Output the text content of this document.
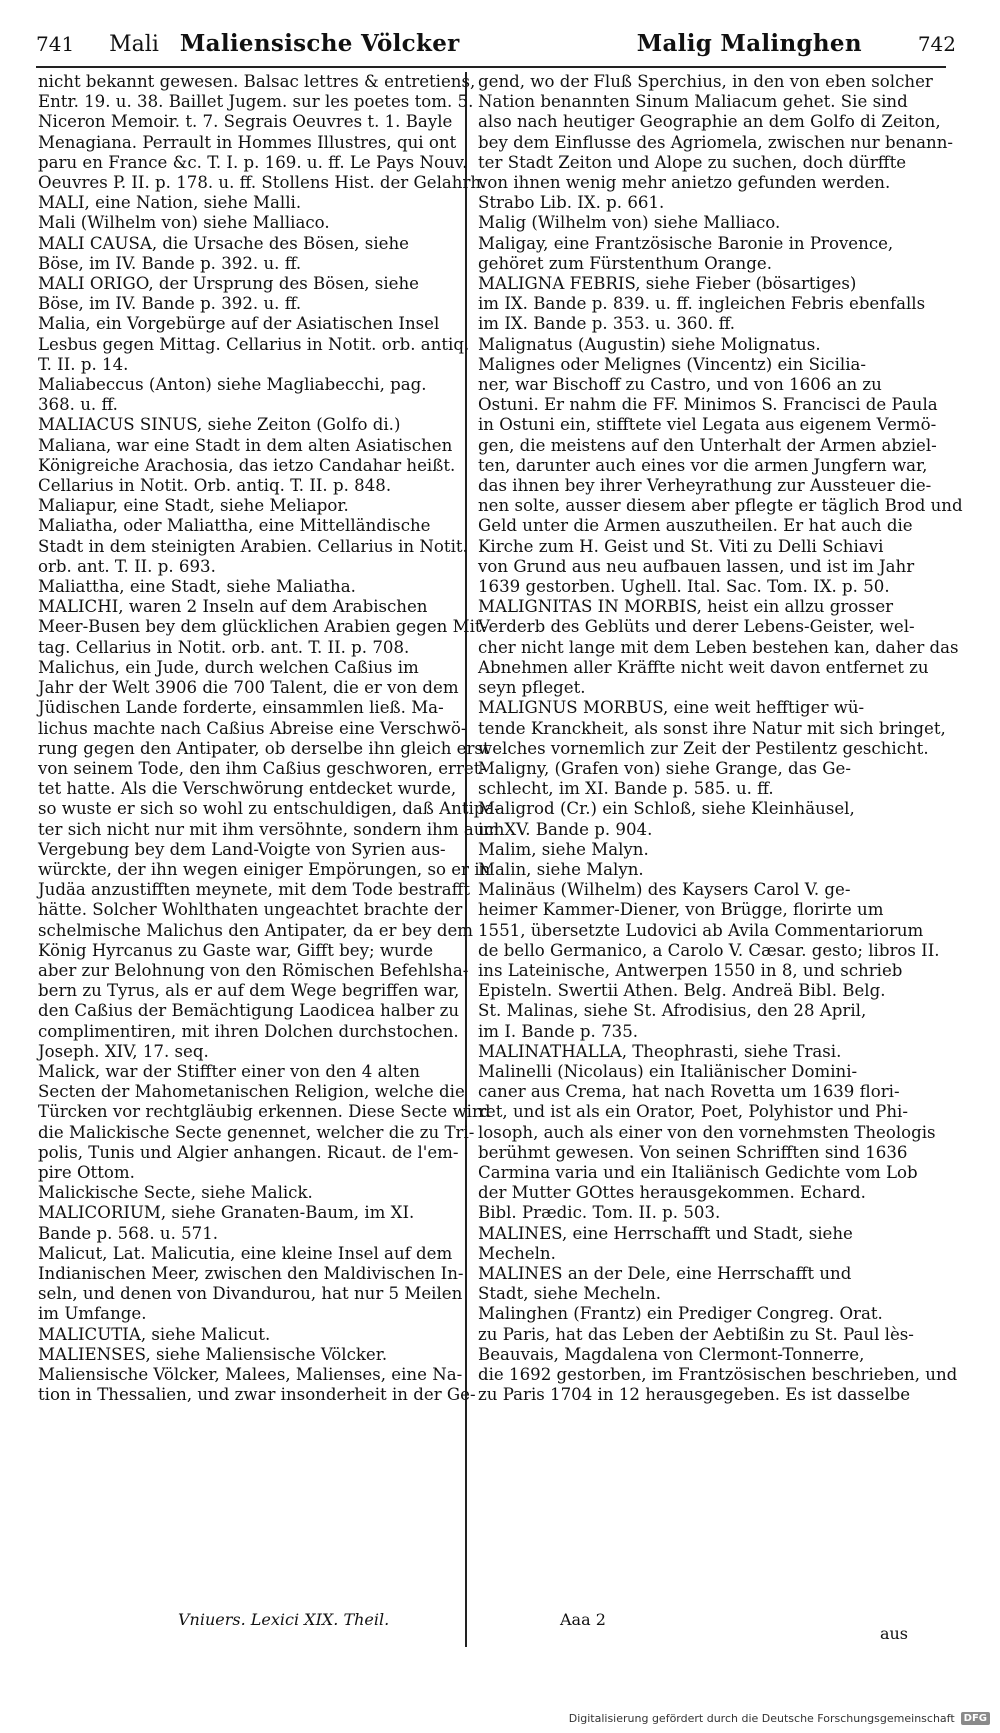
741 Mali Maliensische Völcker	Malig Malinghen	742

nicht bekannt gewesen. Balsac lettres & entretiens,

Entr. 19. u. 38. Baillet Jugem. sur les poetes tom. 5.

Niceron Memoir. t. 7. Segrais Oeuvres t. 1. Bayle

Menagiana. Perrault in Hommes Illustres, qui ont

paru en France &c. T. I. p. 169. u. ff. Le Pays Nouv.

Oeuvres P. II. p. 178. u. ff. Stollens Hist. der Gelahrh.

MALI, eine Nation, siehe Malli.

Mali (Wilhelm von) siehe Malliaco.

MALI CAUSA, die Ursache des Bösen, siehe

Böse, im IV. Bande p. 392. u. ff.

MALI ORIGO, der Ursprung des Bösen, siehe

Böse, im IV. Bande p. 392. u. ff.

Malia, ein Vorgebürge auf der Asiatischen Insel

Lesbus gegen Mittag. Cellarius in Notit. orb. antiq.

T. II. p. 14.

Maliabeccus (Anton) siehe Magliabecchi, pag.

368. u. ff.

MALIACUS SINUS, siehe Zeiton (Golfo di.)

Maliana, war eine Stadt in dem alten Asiatischen

Königreiche Arachosia, das ietzo Candahar heißt.

Cellarius in Notit. Orb. antiq. T. II. p. 848.

Maliapur, eine Stadt, siehe Meliapor.

Maliatha, oder Maliattha, eine Mittelländische

Stadt in dem steinigten Arabien. Cellarius in Notit.

orb. ant. T. II. p. 693.

Maliattha, eine Stadt, siehe Maliatha.

MALICHI, waren 2 Inseln auf dem Arabischen

Meer-Busen bey dem glücklichen Arabien gegen Mit-

tag. Cellarius in Notit. orb. ant. T. II. p. 708.

Malichus, ein Jude, durch welchen Caßius im

Jahr der Welt 3906 die 700 Talent, die er von dem

Jüdischen Lande forderte, einsammlen ließ. Ma-

lichus machte nach Caßius Abreise eine Verschwö-

rung gegen den Antipater, ob derselbe ihn gleich erst

von seinem Tode, den ihm Caßius geschworen, erret-

tet hatte. Als die Verschwörung entdecket wurde,

so wuste er sich so wohl zu entschuldigen, daß Antipa-

ter sich nicht nur mit ihm versöhnte, sondern ihm auch

Vergebung bey dem Land-Voigte von Syrien aus-

würckte, der ihn wegen einiger Empörungen, so er in

Judäa anzustifften meynete, mit dem Tode bestrafft

hätte. Solcher Wohlthaten ungeachtet brachte der

schelmische Malichus den Antipater, da er bey dem

König Hyrcanus zu Gaste war, Gifft bey; wurde

aber zur Belohnung von den Römischen Befehlsha-

bern zu Tyrus, als er auf dem Wege begriffen war,

den Caßius der Bemächtigung Laodicea halber zu

complimentiren, mit ihren Dolchen durchstochen.

Joseph. XIV, 17. seq.

Malick, war der Stiffter einer von den 4 alten

Secten der Mahometanischen Religion, welche die

Türcken vor rechtgläubig erkennen. Diese Secte wird

die Malickische Secte genennet, welcher die zu Tri-

polis, Tunis und Algier anhangen. Ricaut. de l'em-

pire Ottom.

Malickische Secte, siehe Malick.

MALICORIUM, siehe Granaten-Baum, im XI.

Bande p. 568. u. 571.

Malicut, Lat. Malicutia, eine kleine Insel auf dem

Indianischen Meer, zwischen den Maldivischen In-

seln, und denen von Divandurou, hat nur 5 Meilen

im Umfange.

MALICUTIA, siehe Malicut.

MALIENSES, siehe Maliensische Völcker.

Maliensische Völcker, Malees, Malienses, eine Na-

tion in Thessalien, und zwar insonderheit in der Ge-

gend, wo der Fluß Sperchius, in den von eben solcher

Nation benannten Sinum Maliacum gehet. Sie sind

also nach heutiger Geographie an dem Golfo di Zeiton,

bey dem Einflusse des Agriomela, zwischen nur benann-

ter Stadt Zeiton und Alope zu suchen, doch dürffte

von ihnen wenig mehr anietzo gefunden werden.

Strabo Lib. IX. p. 661.

Malig (Wilhelm von) siehe Malliaco.

Maligay, eine Frantzösische Baronie in Provence,

gehöret zum Fürstenthum Orange.

MALIGNA FEBRIS, siehe Fieber (bösartiges)

im IX. Bande p. 839. u. ff. ingleichen Febris ebenfalls

im IX. Bande p. 353. u. 360. ff.

Malignatus (Augustin) siehe Molignatus.

Malignes oder Melignes (Vincentz) ein Sicilia-

ner, war Bischoff zu Castro, und von 1606 an zu

Ostuni. Er nahm die FF. Minimos S. Francisci de Paula

in Ostuni ein, stifftete viel Legata aus eigenem Vermö-

gen, die meistens auf den Unterhalt der Armen abziel-

ten, darunter auch eines vor die armen Jungfern war,

das ihnen bey ihrer Verheyrathung zur Aussteuer die-

nen solte, ausser diesem aber pflegte er täglich Brod und

Geld unter die Armen auszutheilen. Er hat auch die

Kirche zum H. Geist und St. Viti zu Delli Schiavi

von Grund aus neu aufbauen lassen, und ist im Jahr

1639 gestorben. Ughell. Ital. Sac. Tom. IX. p. 50.

MALIGNITAS IN MORBIS, heist ein allzu grosser

Verderb des Geblüts und derer Lebens-Geister, wel-

cher nicht lange mit dem Leben bestehen kan, daher das

Abnehmen aller Kräffte nicht weit davon entfernet zu

seyn pfleget.

MALIGNUS MORBUS, eine weit hefftiger wü-

tende Kranckheit, als sonst ihre Natur mit sich bringet,

welches vornemlich zur Zeit der Pestilentz geschicht.

Maligny, (Grafen von) siehe Grange, das Ge-

schlecht, im XI. Bande p. 585. u. ff.

Maligrod (Cr.) ein Schloß, siehe Kleinhäusel,

im XV. Bande p. 904.

Malim, siehe Malyn.

Malin, siehe Malyn.

Malinäus (Wilhelm) des Kaysers Carol V. ge-

heimer Kammer-Diener, von Brügge, florirte um

1551, übersetzte Ludovici ab Avila Commentariorum

de bello Germanico, a Carolo V. Cæsar. gesto; libros II.

ins Lateinische, Antwerpen 1550 in 8, und schrieb

Episteln. Swertii Athen. Belg. Andreä Bibl. Belg.

St. Malinas, siehe St. Afrodisius, den 28 April,

im I. Bande p. 735.

MALINATHALLA, Theophrasti, siehe Trasi.

Malinelli (Nicolaus) ein Italiänischer Domini-

caner aus Crema, hat nach Rovetta um 1639 flori-

ret, und ist als ein Orator, Poet, Polyhistor und Phi-

losoph, auch als einer von den vornehmsten Theologis

berühmt gewesen. Von seinen Schrifften sind 1636

Carmina varia und ein Italiänisch Gedichte vom Lob

der Mutter GOttes herausgekommen. Echard.

Bibl. Prædic. Tom. II. p. 503.

MALINES, eine Herrschafft und Stadt, siehe

Mecheln.

MALINES an der Dele, eine Herrschafft und

Stadt, siehe Mecheln.

Malinghen (Frantz) ein Prediger Congreg. Orat.

zu Paris, hat das Leben der Aebtißin zu St. Paul lès-

Beauvais, Magdalena von Clermont-Tonnerre,

die 1692 gestorben, im Frantzösischen beschrieben, und

zu Paris 1704 in 12 herausgegeben. Es ist dasselbe

Vniuers. Lexici XIX. Theil.	Aaa 2
aus
Digitalisierung gefördert durch die Deutsche Forschungsgemeinschaft DFG
